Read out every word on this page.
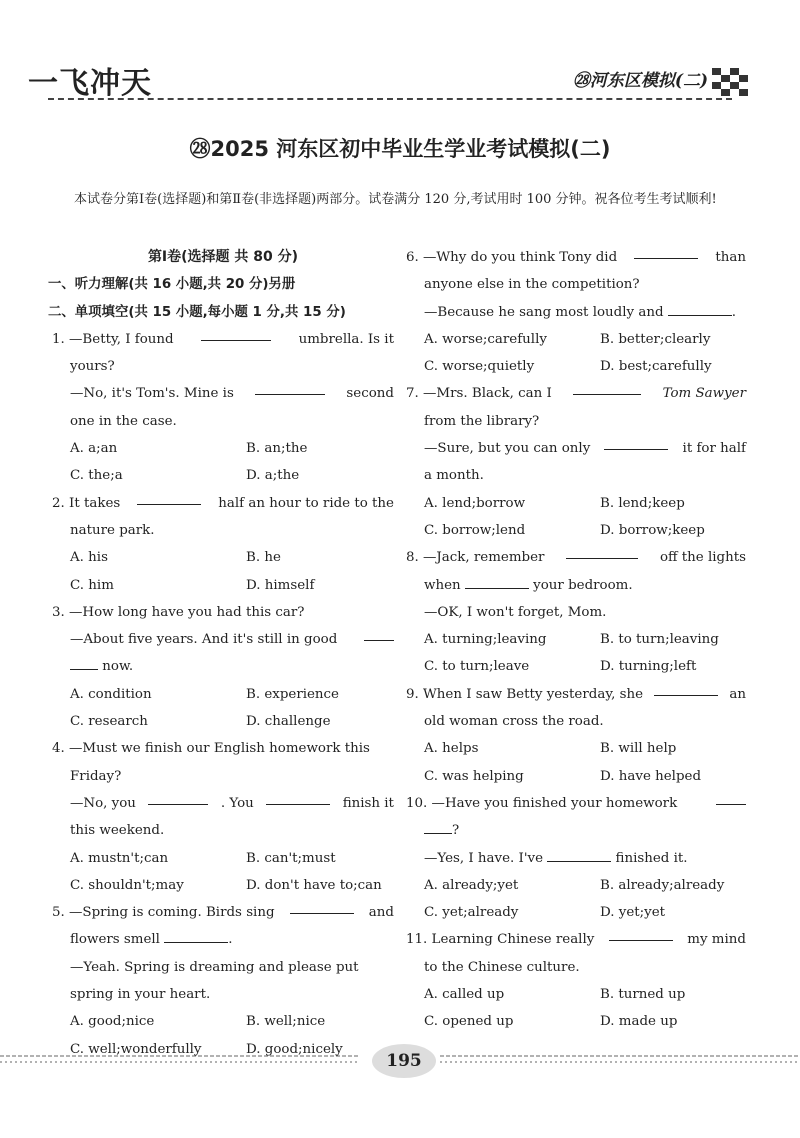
一飞冲天	㉘河东区模拟(二)
㉘2025 河东区初中毕业生学业考试模拟(二)
本试卷分第Ⅰ卷(选择题)和第Ⅱ卷(非选择题)两部分。试卷满分 120 分,考试用时 100 分钟。祝各位考生考试顺利!
第Ⅰ卷(选择题 共 80 分)
一、听力理解(共 16 小题,共 20 分)另册
二、单项填空(共 15 小题,每小题 1 分,共 15 分)
1. —Betty, I found	umbrella. Is it
yours?
—No, it's Tom's. Mine is	second
one in the case.
A. a;an	B. an;the
C. the;a	D. a;the
2. It takes	half an hour to ride to the
nature park.
A. his	B. he
C. him	D. himself
3. —How long have you had this car?
—About five years. And it's still in good
now.
A. condition	B. experience
C. research	D. challenge
4. —Must we finish our English homework this
Friday?
—No, you	. You	finish it
this weekend.
A. mustn't;can	B. can't;must
C. shouldn't;may	D. don't have to;can
5. —Spring is coming. Birds sing	and
flowers smell	.
—Yeah. Spring is dreaming and please put
spring in your heart.
A. good;nice	B. well;nice
C. well;wonderfully	D. good;nicely
6. —Why do you think Tony did	than
anyone else in the competition?
—Because he sang most loudly and	.
A. worse;carefully	B. better;clearly
C. worse;quietly	D. best;carefully
7. —Mrs. Black, can I	Tom Sawyer
from the library?
—Sure, but you can only	it for half
a month.
A. lend;borrow	B. lend;keep
C. borrow;lend	D. borrow;keep
8. —Jack, remember	off the lights
when	your bedroom.
—OK, I won't forget, Mom.
A. turning;leaving	B. to turn;leaving
C. to turn;leave	D. turning;left
9. When I saw Betty yesterday, she	an
old woman cross the road.
A. helps	B. will help
C. was helping	D. have helped
10. —Have you finished your homework
?
—Yes, I have. I've	finished it.
A. already;yet	B. already;already
C. yet;already	D. yet;yet
11. Learning Chinese really	my mind
to the Chinese culture.
A. called up	B. turned up
C. opened up	D. made up
195
